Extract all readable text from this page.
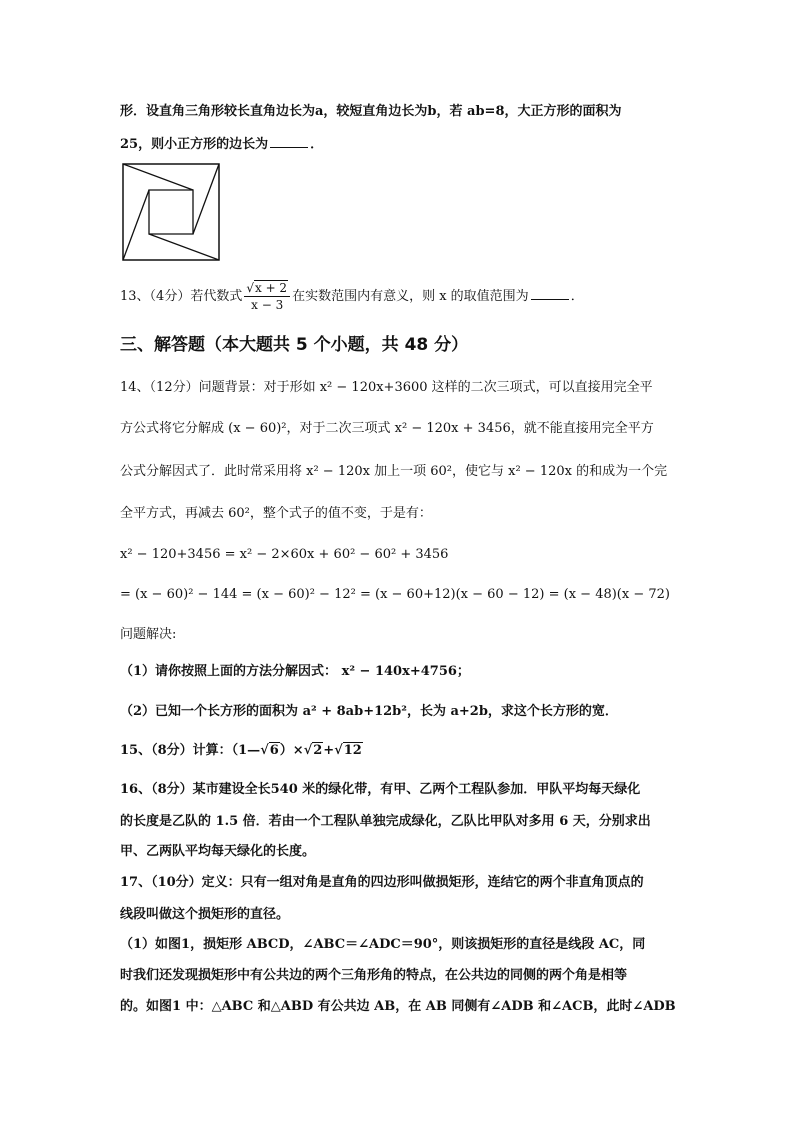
形．设直角三角形较长直角边长为a，较短直角边长为b，若 ab=8，大正方形的面积为
25，则小正方形的边长为	．
13、（4分）若代数式 $\frac{√x + 2}{x - 3}$ 在实数范围内有意义，则 x 的取值范围为	．
三、解答题（本大题共 5 个小题，共 48 分）
14、（12分）问题背景：对于形如 x² − 120x+3600 这样的二次三项式，可以直接用完全平
方公式将它分解成 (x − 60)²，对于二次三项式 x² − 120x + 3456，就不能直接用完全平方
公式分解因式了．此时常采用将 x² − 120x 加上一项 60²，使它与 x² − 120x 的和成为一个完
全平方式，再减去 60²，整个式子的值不变，于是有：
x² − 120+3456 = x² − 2×60x + 60² − 60² + 3456
= (x − 60)² − 144 = (x − 60)² − 12² = (x − 60+12)(x − 60 − 12) = (x − 48)(x − 72)
问题解决:
（1）请你按照上面的方法分解因式： x² − 140x+4756；
（2）已知一个长方形的面积为 a² + 8ab+12b²，长为 a+2b，求这个长方形的宽．
15、（8分）计算：（1—√6）×√2+√12
16、（8分）某市建设全长540 米的绿化带，有甲、乙两个工程队参加．甲队平均每天绿化
的长度是乙队的 1.5 倍．若由一个工程队单独完成绿化，乙队比甲队对多用 6 天，分别求出
甲、乙两队平均每天绿化的长度。
17、（10分）定义：只有一组对角是直角的四边形叫做损矩形，连结它的两个非直角顶点的
线段叫做这个损矩形的直径。
（1）如图1，损矩形 ABCD，∠ABC＝∠ADC＝90°，则该损矩形的直径是线段 AC，同
时我们还发现损矩形中有公共边的两个三角形角的特点，在公共边的同侧的两个角是相等
的。如图1 中：△ABC 和△ABD 有公共边 AB，在 AB 同侧有∠ADB 和∠ACB，此时∠ADB
